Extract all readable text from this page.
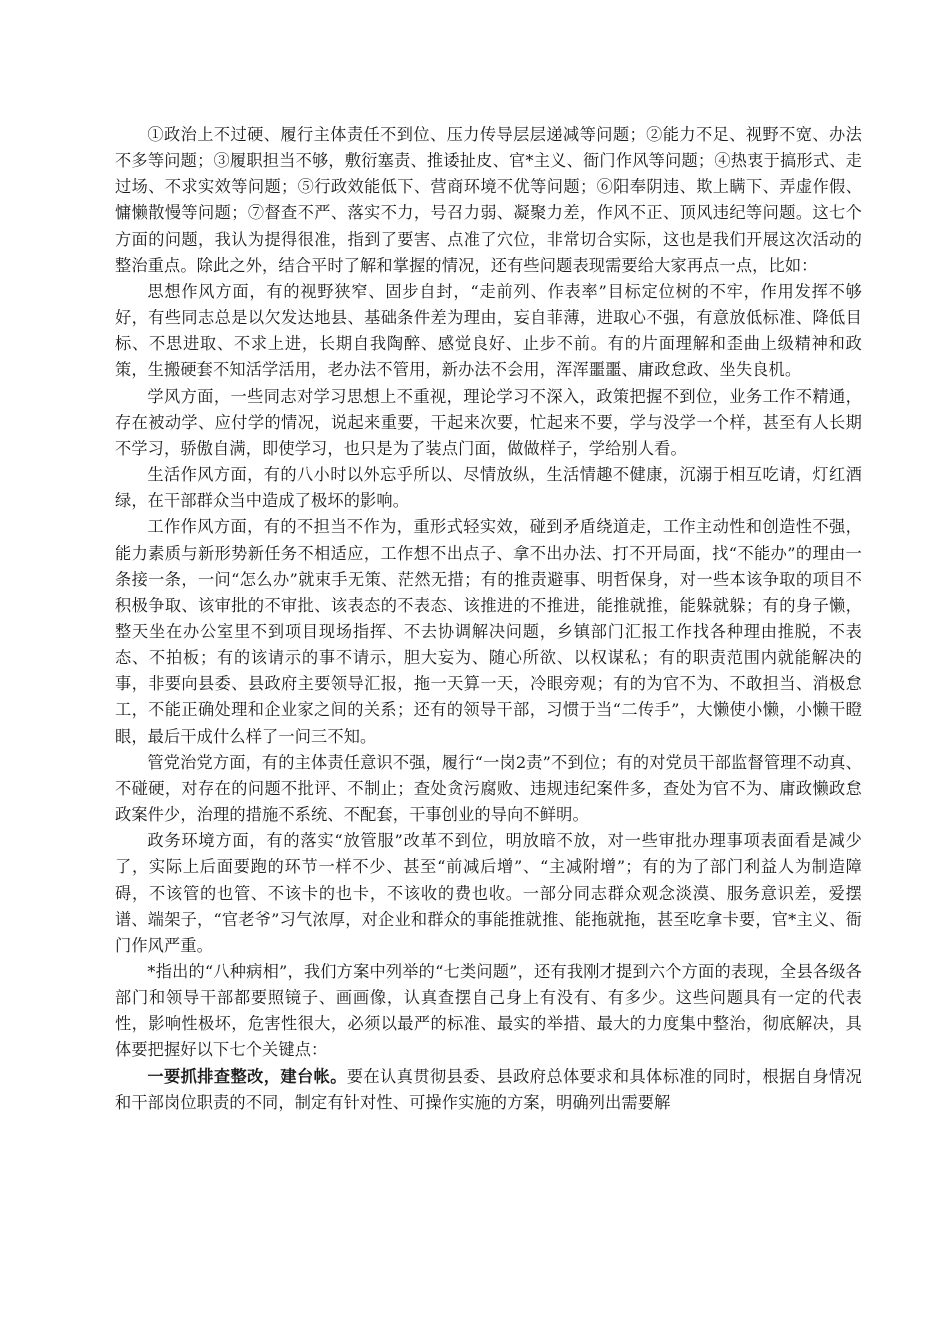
①政治上不过硬、履行主体责任不到位、压力传导层层递减等问题；②能力不足、视野不宽、办法不多等问题；③履职担当不够，敷衍塞责、推诿扯皮、官*主义、衙门作风等问题；④热衷于搞形式、走过场、不求实效等问题；⑤行政效能低下、营商环境不优等问题；⑥阳奉阴违、欺上瞒下、弄虚作假、慵懒散慢等问题；⑦督查不严、落实不力，号召力弱、凝聚力差，作风不正、顶风违纪等问题。这七个方面的问题，我认为提得很准，指到了要害、点准了穴位，非常切合实际，这也是我们开展这次活动的整治重点。除此之外，结合平时了解和掌握的情况，还有些问题表现需要给大家再点一点，比如：

思想作风方面，有的视野狭窄、固步自封，“走前列、作表率”目标定位树的不牢，作用发挥不够好，有些同志总是以欠发达地县、基础条件差为理由，妄自菲薄，进取心不强，有意放低标准、降低目标、不思进取、不求上进，长期自我陶醉、感觉良好、止步不前。有的片面理解和歪曲上级精神和政策，生搬硬套不知活学活用，老办法不管用，新办法不会用，浑浑噩噩、庸政怠政、坐失良机。

学风方面，一些同志对学习思想上不重视，理论学习不深入，政策把握不到位，业务工作不精通，存在被动学、应付学的情况，说起来重要，干起来次要，忙起来不要，学与没学一个样，甚至有人长期不学习，骄傲自满，即使学习，也只是为了装点门面，做做样子，学给别人看。

生活作风方面，有的八小时以外忘乎所以、尽情放纵，生活情趣不健康，沉溺于相互吃请，灯红酒绿，在干部群众当中造成了极坏的影响。

工作作风方面，有的不担当不作为，重形式轻实效，碰到矛盾绕道走，工作主动性和创造性不强，能力素质与新形势新任务不相适应，工作想不出点子、拿不出办法、打不开局面，找“不能办”的理由一条接一条，一问“怎么办”就束手无策、茫然无措；有的推责避事、明哲保身，对一些本该争取的项目不积极争取、该审批的不审批、该表态的不表态、该推进的不推进，能推就推，能躲就躲；有的身子懒，整天坐在办公室里不到项目现场指挥、不去协调解决问题，乡镇部门汇报工作找各种理由推脱，不表态、不拍板；有的该请示的事不请示，胆大妄为、随心所欲、以权谋私；有的职责范围内就能解决的事，非要向县委、县政府主要领导汇报，拖一天算一天，冷眼旁观；有的为官不为、不敢担当、消极怠工，不能正确处理和企业家之间的关系；还有的领导干部，习惯于当“二传手”，大懒使小懒，小懒干瞪眼，最后干成什么样了一问三不知。

管党治党方面，有的主体责任意识不强，履行“一岗2责”不到位；有的对党员干部监督管理不动真、不碰硬，对存在的问题不批评、不制止；查处贪污腐败、违规违纪案件多，查处为官不为、庸政懒政怠政案件少，治理的措施不系统、不配套，干事创业的导向不鲜明。

政务环境方面，有的落实“放管服”改革不到位，明放暗不放，对一些审批办理事项表面看是减少了，实际上后面要跑的环节一样不少、甚至“前减后增”、“主减附增”；有的为了部门利益人为制造障碍，不该管的也管、不该卡的也卡，不该收的费也收。一部分同志群众观念淡漠、服务意识差，爱摆谱、端架子，“官老爷”习气浓厚，对企业和群众的事能推就推、能拖就拖，甚至吃拿卡要，官*主义、衙门作风严重。

*指出的“八种病相”，我们方案中列举的“七类问题”，还有我刚才提到六个方面的表现，全县各级各部门和领导干部都要照镜子、画画像，认真查摆自己身上有没有、有多少。这些问题具有一定的代表性，影响性极坏，危害性很大，必须以最严的标准、最实的举措、最大的力度集中整治，彻底解决，具体要把握好以下七个关键点：

一要抓排查整改，建台帐。要在认真贯彻县委、县政府总体要求和具体标准的同时，根据自身情况和干部岗位职责的不同，制定有针对性、可操作实施的方案，明确列出需要解
